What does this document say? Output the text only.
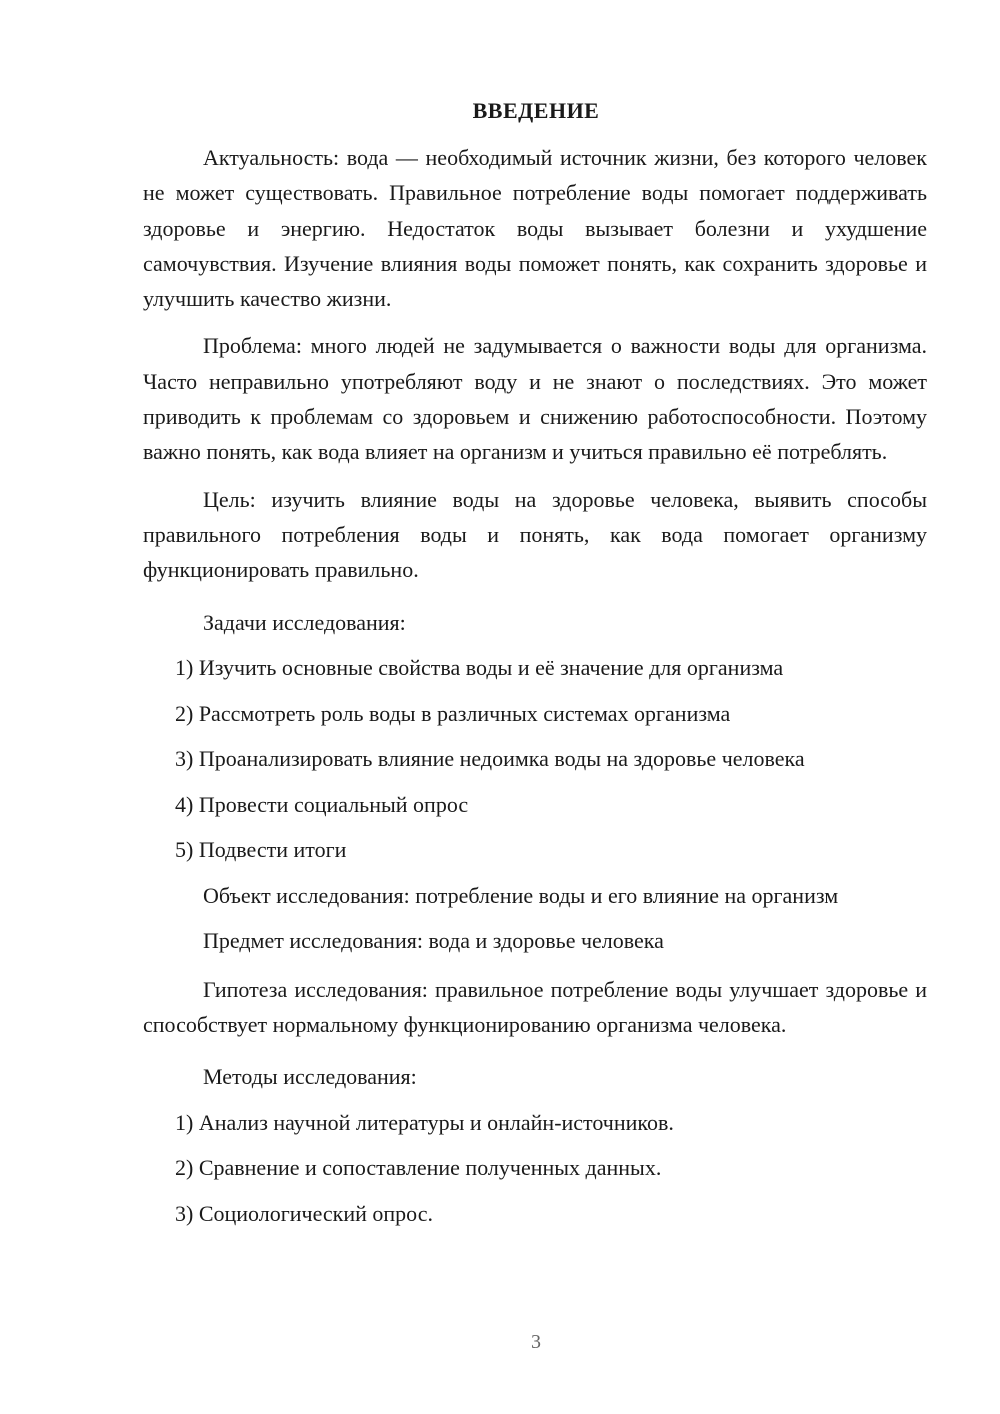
ВВЕДЕНИЕ

Актуальность: вода — необходимый источник жизни, без которого человек не может существовать. Правильное потребление воды помогает поддерживать здоровье и энергию. Недостаток воды вызывает болезни и ухудшение самочувствия. Изучение влияния воды поможет понять, как сохранить здоровье и улучшить качество жизни.

Проблема: много людей не задумывается о важности воды для организма. Часто неправильно употребляют воду и не знают о последствиях. Это может приводить к проблемам со здоровьем и снижению работоспособности. Поэтому важно понять, как вода влияет на организм и учиться правильно её потреблять.

Цель: изучить влияние воды на здоровье человека, выявить способы правильного потребления воды и понять, как вода помогает организму функционировать правильно.

Задачи исследования:

1) Изучить основные свойства воды и её значение для организма

2) Рассмотреть роль воды в различных системах организма

3) Проанализировать влияние недоимка воды на здоровье человека

4) Провести социальный опрос

5) Подвести итоги

Объект исследования: потребление воды и его влияние на организм

Предмет исследования: вода и здоровье человека

Гипотеза исследования: правильное потребление воды улучшает здоровье и способствует нормальному функционированию организма человека.

Методы исследования:

1) Анализ научной литературы и онлайн-источников.

2) Сравнение и сопоставление полученных данных.

3) Социологический опрос.

3
